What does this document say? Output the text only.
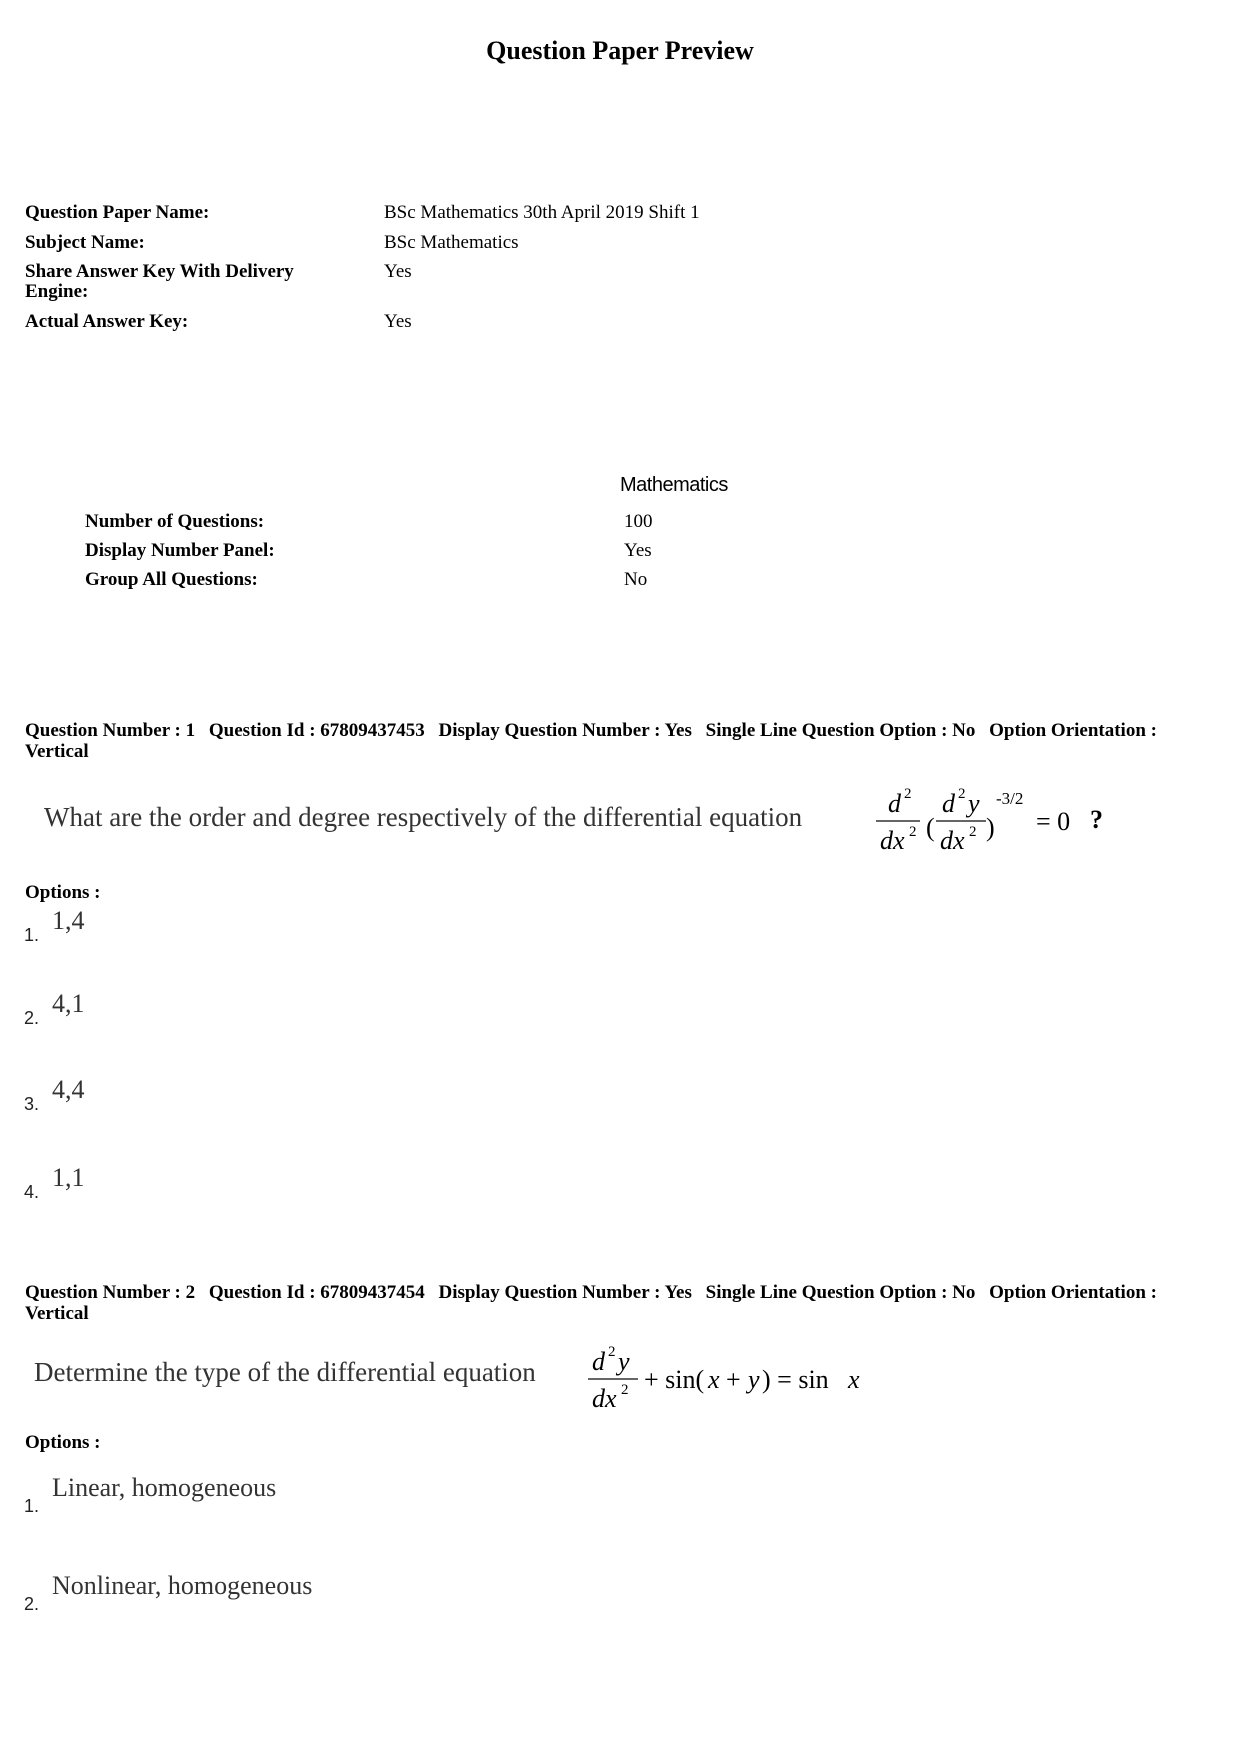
Question Paper Preview
Question Paper Name:	BSc Mathematics 30th April 2019 Shift 1
Subject Name:	BSc Mathematics
Share Answer Key With Delivery Engine:
Yes
Actual Answer Key:	Yes
Mathematics
Number of Questions:	100
Display Number Panel:	Yes
Group All Questions:	No
Question Number : 1 Question Id : 67809437453 Display Question Number : Yes Single Line Question Option : No Option Orientation : Vertical
What are the order and degree respectively of the differential equation	d 2
dx 2 (
d 2 y
dx 2 )
-3/2
= 0 ?
Options :
1. 1,4
2. 4,1
3. 4,4
4. 1,1
Question Number : 2 Question Id : 67809437454 Display Question Number : Yes Single Line Question Option : No Option Orientation : Vertical
Determine the type of the differential equation d 2 y
dx 2 + sin( x + y ) = sin x
Options :
1.
Linear, homogeneous
2.
Nonlinear, homogeneous
